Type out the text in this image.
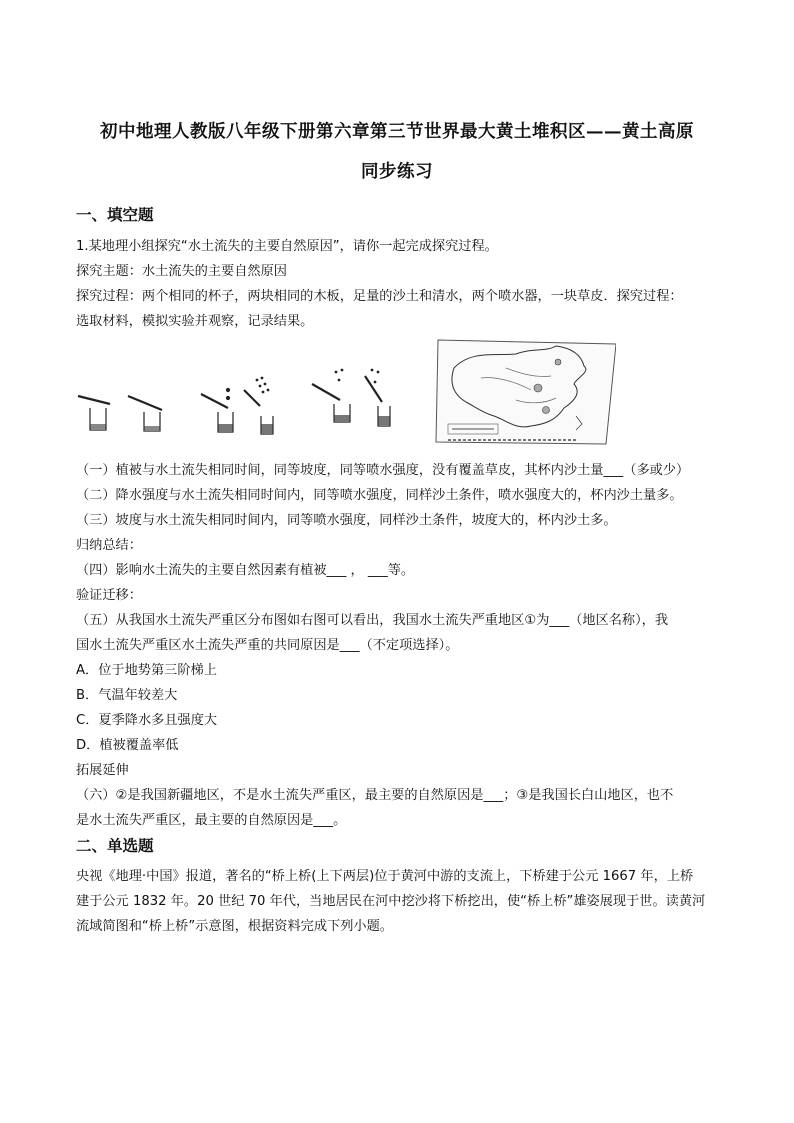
初中地理人教版八年级下册第六章第三节世界最大黄土堆积区——黄土高原
同步练习
一、填空题
1.某地理小组探究“水土流失的主要自然原因”，请你一起完成探究过程。
探究主题：水土流失的主要自然原因
探究过程：两个相同的杯子，两块相同的木板，足量的沙土和清水，两个喷水器，一块草皮．探究过程：
选取材料，模拟实验并观察，记录结果。
（一）植被与水土流失相同时间，同等坡度，同等喷水强度，没有覆盖草皮，其杯内沙土量___（多或少）
（二）降水强度与水土流失相同时间内，同等喷水强度，同样沙土条件，喷水强度大的，杯内沙土量多。
（三）坡度与水土流失相同时间内，同等喷水强度，同样沙土条件，坡度大的，杯内沙土多。
归纳总结：
（四）影响水土流失的主要自然因素有植被___ ， ___等。
验证迁移：
（五）从我国水土流失严重区分布图如右图可以看出，我国水土流失严重地区①为___（地区名称），我
国水土流失严重区水土流失严重的共同原因是___（不定项选择）。
A．位于地势第三阶梯上
B．气温年较差大
C．夏季降水多且强度大
D．植被覆盖率低
拓展延伸
（六）②是我国新疆地区，不是水土流失严重区，最主要的自然原因是___；③是我国长白山地区，也不
是水土流失严重区，最主要的自然原因是___。
二、单选题
央视《地理·中国》报道，著名的“桥上桥(上下两层)位于黄河中游的支流上，下桥建于公元 1667 年，上桥
建于公元 1832 年。20 世纪 70 年代，当地居民在河中挖沙将下桥挖出，使“桥上桥”雄姿展现于世。读黄河
流域简图和“桥上桥”示意图，根据资料完成下列小题。
